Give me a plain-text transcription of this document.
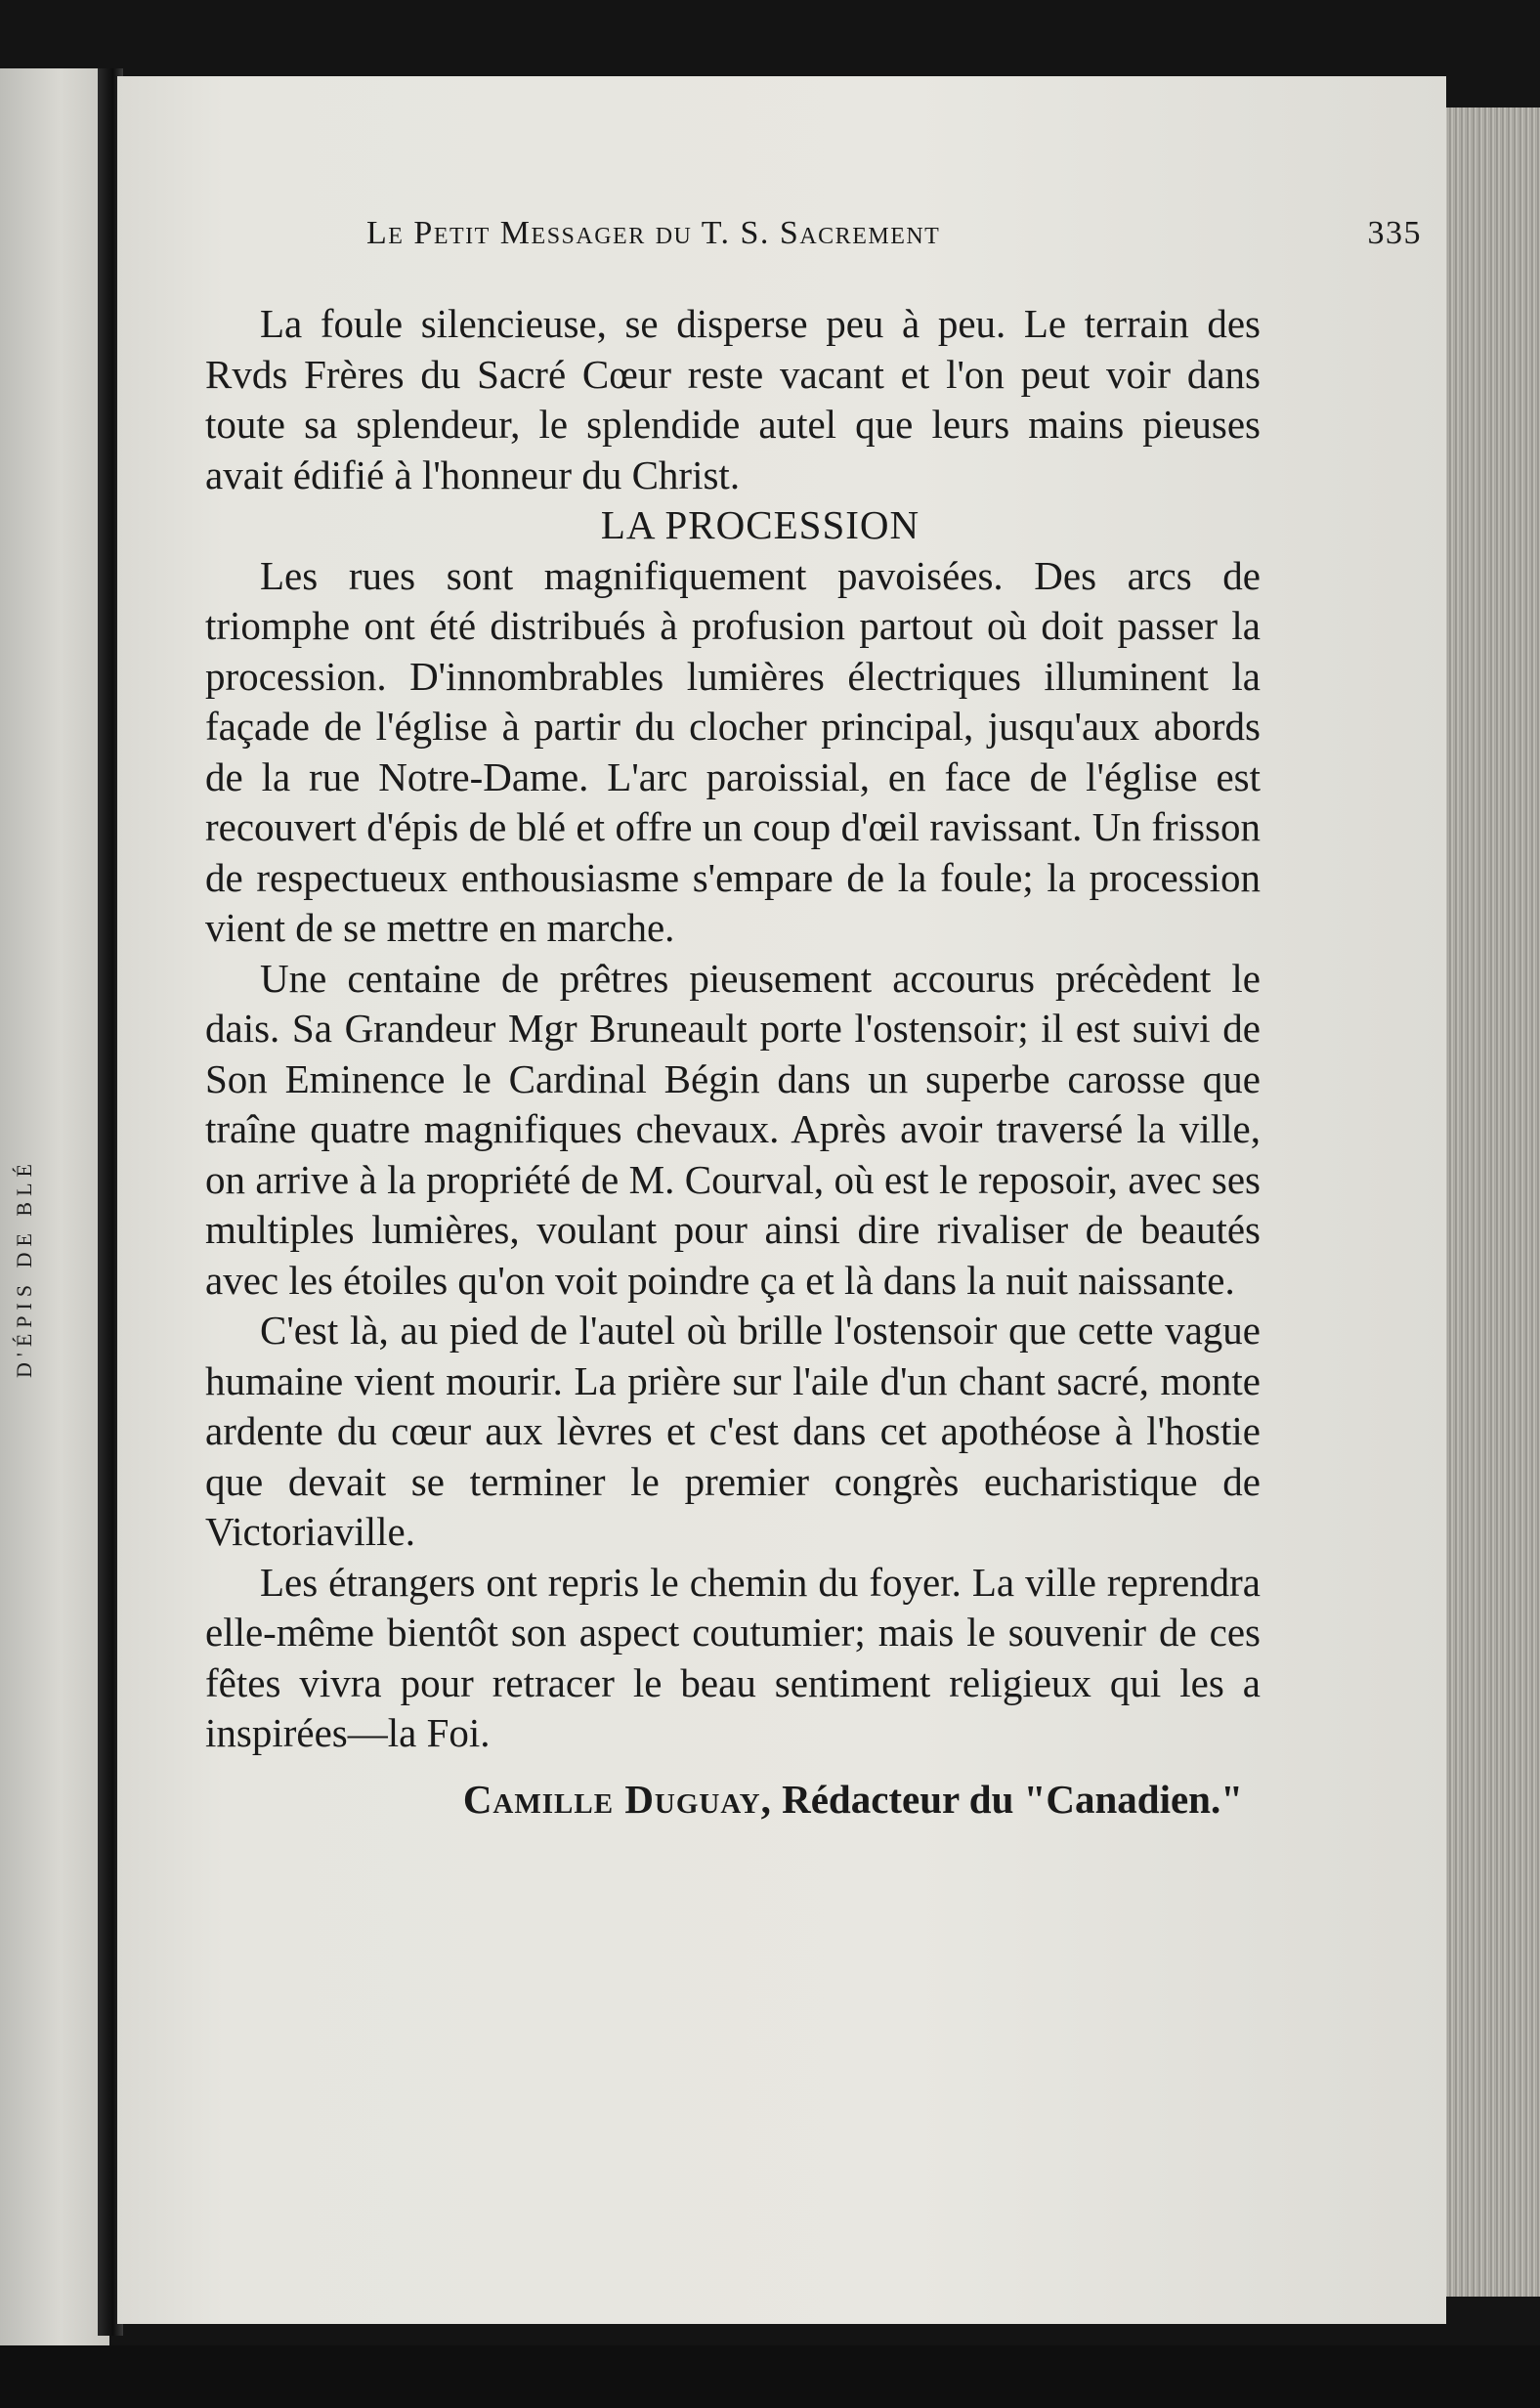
D'ÉPIS DE BLÉ
Le Petit Messager du T. S. Sacrement	335

La foule silencieuse, se disperse peu à peu. Le terrain des Rvds Frères du Sacré Cœur reste vacant et l'on peut voir dans toute sa splendeur, le splendide autel que leurs mains pieuses avait édifié à l'honneur du Christ.

LA PROCESSION

Les rues sont magnifiquement pavoisées. Des arcs de triomphe ont été distribués à profusion partout où doit passer la procession. D'innombrables lumières électriques illuminent la façade de l'église à partir du clocher principal, jusqu'aux abords de la rue Notre-Dame. L'arc paroissial, en face de l'église est recouvert d'épis de blé et offre un coup d'œil ravissant. Un frisson de respectueux enthousiasme s'empare de la foule; la procession vient de se mettre en marche.

Une centaine de prêtres pieusement accourus précèdent le dais. Sa Grandeur Mgr Bruneault porte l'ostensoir; il est suivi de Son Eminence le Cardinal Bégin dans un superbe carosse que traîne quatre magnifiques chevaux. Après avoir traversé la ville, on arrive à la propriété de M. Courval, où est le reposoir, avec ses multiples lumières, voulant pour ainsi dire rivaliser de beautés avec les étoiles qu'on voit poindre ça et là dans la nuit naissante.

C'est là, au pied de l'autel où brille l'ostensoir que cette vague humaine vient mourir. La prière sur l'aile d'un chant sacré, monte ardente du cœur aux lèvres et c'est dans cet apothéose à l'hostie que devait se terminer le premier congrès eucharistique de Victoriaville.

Les étrangers ont repris le chemin du foyer. La ville reprendra elle-même bientôt son aspect coutumier; mais le souvenir de ces fêtes vivra pour retracer le beau sentiment religieux qui les a inspirées—la Foi.

Camille Duguay, Rédacteur du "Canadien."
